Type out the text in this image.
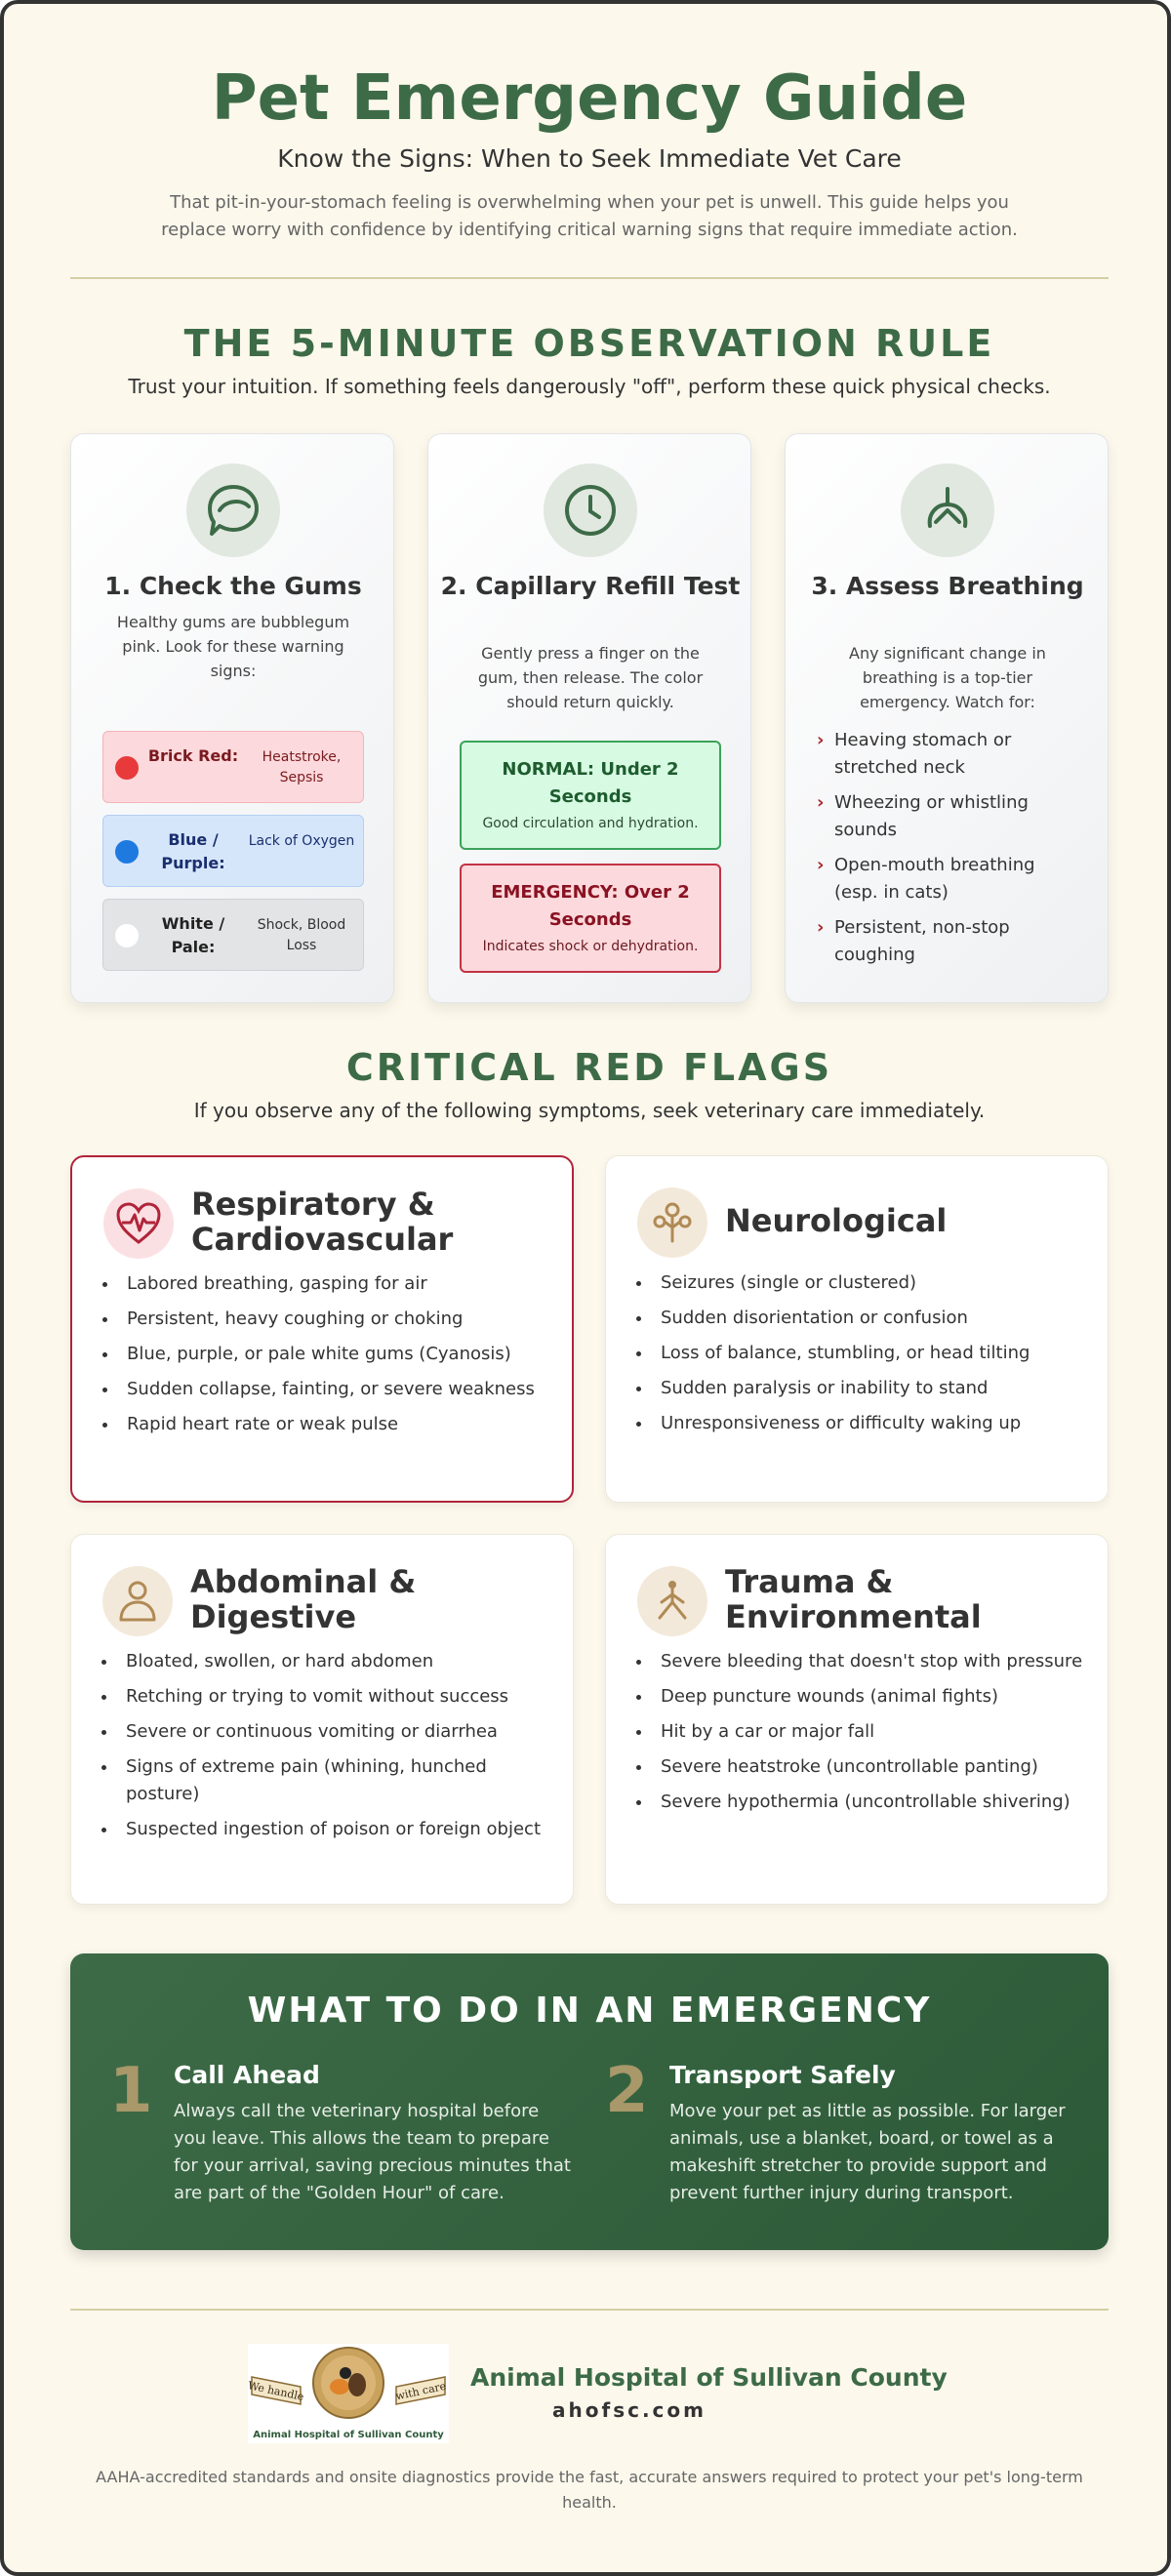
Pet Emergency Guide
Know the Signs: When to Seek Immediate Vet Care

That pit-in-your-stomach feeling is overwhelming when your pet is unwell. This guide helps you replace worry with confidence by identifying critical warning signs that require immediate action.

THE 5-MINUTE OBSERVATION RULE
Trust your intuition. If something feels dangerously "off", perform these quick physical checks.
1. Check the Gums
Healthy gums are bubblegum pink. Look for these warning signs:
Brick Red:	Heatstroke, Sepsis
Blue / Purple:
Lack of Oxygen
White / Pale:
Shock, Blood Loss
2. Capillary Refill Test
Gently press a finger on the gum, then release. The color should return quickly.
NORMAL: Under 2 Seconds
Good circulation and hydration.
EMERGENCY: Over 2 Seconds
Indicates shock or dehydration.
3. Assess Breathing
Any significant change in breathing is a top-tier emergency. Watch for:
› Heaving stomach or stretched neck
› Wheezing or whistling sounds
› Open-mouth breathing (esp. in cats)
› Persistent, non-stop coughing
CRITICAL RED FLAGS
If you observe any of the following symptoms, seek veterinary care immediately.
Respiratory & Cardiovascular
• Labored breathing, gasping for air
• Persistent, heavy coughing or choking
• Blue, purple, or pale white gums (Cyanosis)
• Sudden collapse, fainting, or severe weakness
• Rapid heart rate or weak pulse
Neurological
• Seizures (single or clustered)
• Sudden disorientation or confusion
• Loss of balance, stumbling, or head tilting
• Sudden paralysis or inability to stand
• Unresponsiveness or difficulty waking up
Abdominal & Digestive
• Bloated, swollen, or hard abdomen
• Retching or trying to vomit without success
• Severe or continuous vomiting or diarrhea
• Signs of extreme pain (whining, hunched posture)
• Suspected ingestion of poison or foreign object
Trauma & Environmental
• Severe bleeding that doesn't stop with pressure
• Deep puncture wounds (animal fights)
• Hit by a car or major fall
• Severe heatstroke (uncontrollable panting)
• Severe hypothermia (uncontrollable shivering)
WHAT TO DO IN AN EMERGENCY
1 Call Ahead

Always call the veterinary hospital before you leave. This allows the team to prepare for your arrival, saving precious minutes that are part of the "Golden Hour" of care.

2 Transport Safely

Move your pet as little as possible. For larger animals, use a blanket, board, or towel as a makeshift stretcher to provide support and prevent further injury during transport.

We handle	with care
Animal Hospital of Sullivan County
Animal Hospital of Sullivan County
ahofsc.com

AAHA-accredited standards and onsite diagnostics provide the fast, accurate answers required to protect your pet's long-term health.
